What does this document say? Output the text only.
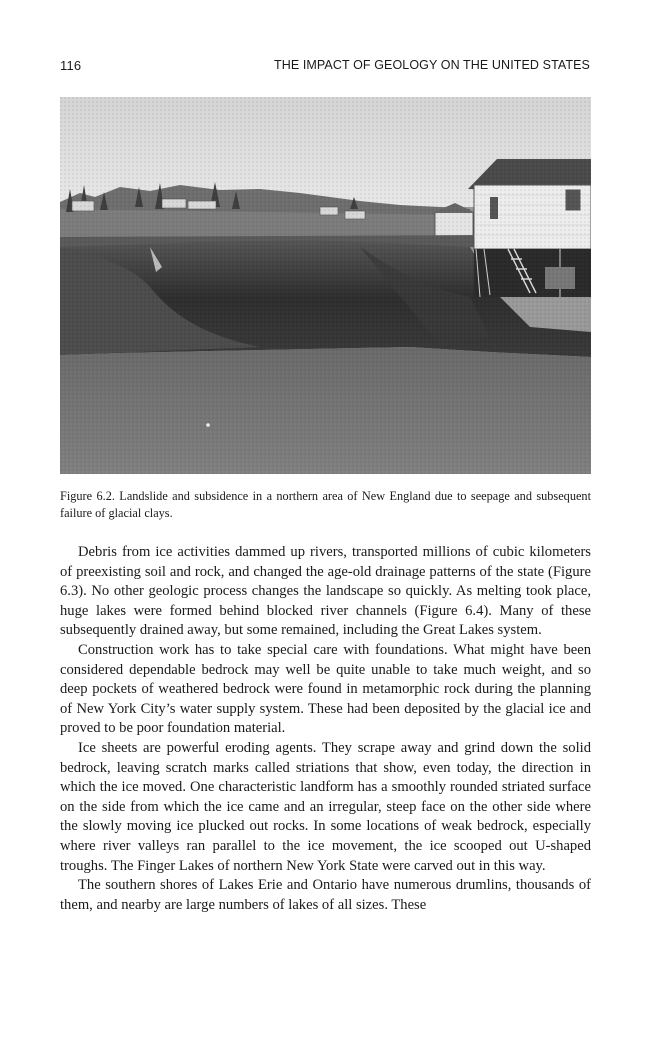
116	THE IMPACT OF GEOLOGY ON THE UNITED STATES
Figure 6.2. Landslide and subsidence in a northern area of New England due to seepage and subsequent failure of glacial clays.

Debris from ice activities dammed up rivers, transported millions of cubic kilometers of preexisting soil and rock, and changed the age-old drainage patterns of the state (Figure 6.3). No other geologic process changes the landscape so quickly. As melting took place, huge lakes were formed behind blocked river channels (Figure 6.4). Many of these subsequently drained away, but some remained, including the Great Lakes system.

Construction work has to take special care with foundations. What might have been considered dependable bedrock may well be quite unable to take much weight, and so deep pockets of weathered bedrock were found in metamorphic rock during the planning of New York City’s water supply system. These had been deposited by the glacial ice and proved to be poor foundation material.

Ice sheets are powerful eroding agents. They scrape away and grind down the solid bedrock, leaving scratch marks called striations that show, even today, the direction in which the ice moved. One characteristic landform has a smoothly rounded striated surface on the side from which the ice came and an irregular, steep face on the other side where the slowly moving ice plucked out rocks. In some locations of weak bedrock, especially where river valleys ran parallel to the ice movement, the ice scooped out U-shaped troughs. The Finger Lakes of northern New York State were carved out in this way.

The southern shores of Lakes Erie and Ontario have numerous drumlins, thousands of them, and nearby are large numbers of lakes of all sizes. These
